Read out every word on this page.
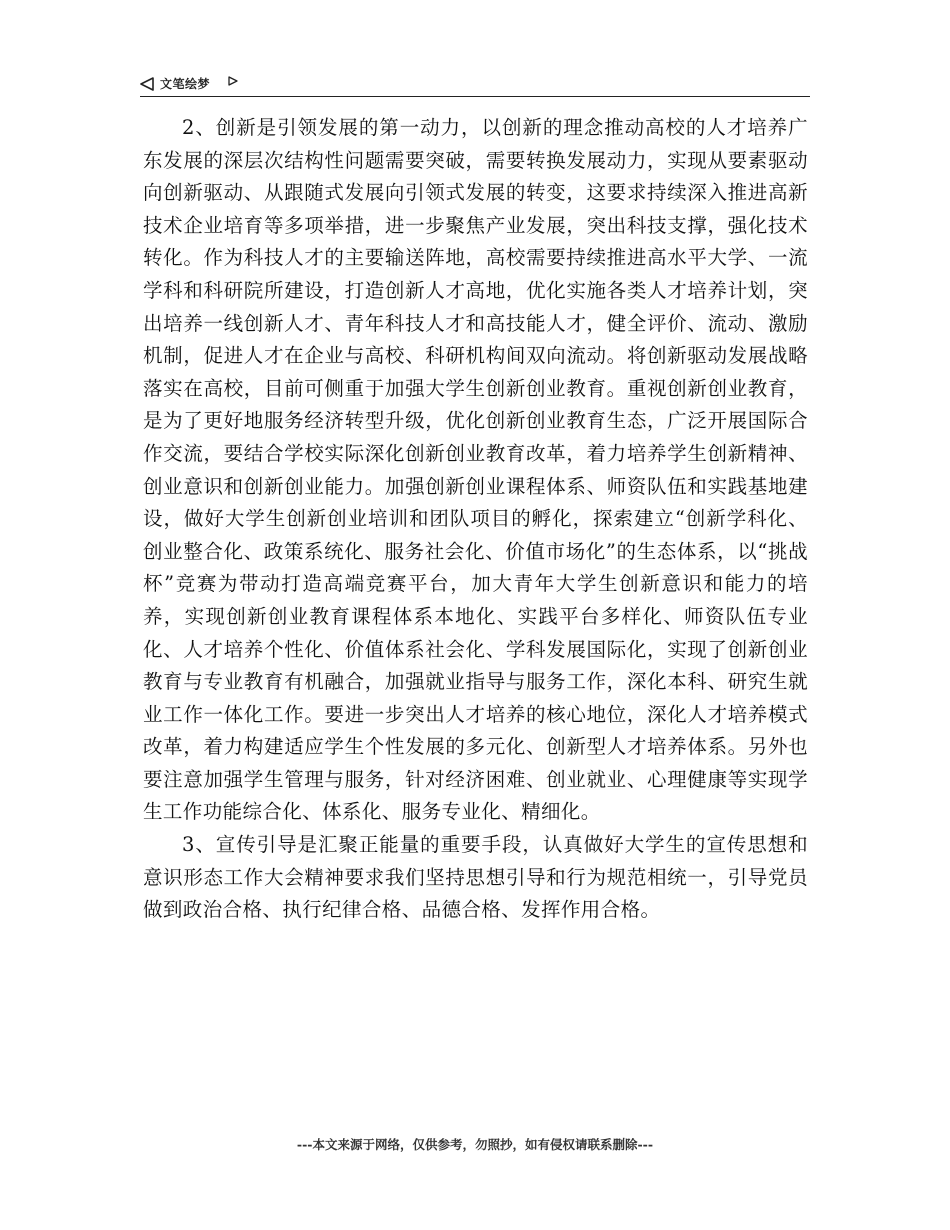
文笔绘梦

2、创新是引领发展的第一动力，以创新的理念推动高校的人才培养广东发展的深层次结构性问题需要突破，需要转换发展动力，实现从要素驱动向创新驱动、从跟随式发展向引领式发展的转变，这要求持续深入推进高新技术企业培育等多项举措，进一步聚焦产业发展，突出科技支撑，强化技术转化。作为科技人才的主要输送阵地，高校需要持续推进高水平大学、一流学科和科研院所建设，打造创新人才高地，优化实施各类人才培养计划，突出培养一线创新人才、青年科技人才和高技能人才，健全评价、流动、激励机制，促进人才在企业与高校、科研机构间双向流动。将创新驱动发展战略落实在高校，目前可侧重于加强大学生创新创业教育。重视创新创业教育，是为了更好地服务经济转型升级，优化创新创业教育生态，广泛开展国际合作交流，要结合学校实际深化创新创业教育改革，着力培养学生创新精神、创业意识和创新创业能力。加强创新创业课程体系、师资队伍和实践基地建设，做好大学生创新创业培训和团队项目的孵化，探索建立“创新学科化、创业整合化、政策系统化、服务社会化、价值市场化”的生态体系，以“挑战杯”竞赛为带动打造高端竞赛平台，加大青年大学生创新意识和能力的培养，实现创新创业教育课程体系本地化、实践平台多样化、师资队伍专业化、人才培养个性化、价值体系社会化、学科发展国际化，实现了创新创业教育与专业教育有机融合，加强就业指导与服务工作，深化本科、研究生就业工作一体化工作。要进一步突出人才培养的核心地位，深化人才培养模式改革，着力构建适应学生个性发展的多元化、创新型人才培养体系。另外也要注意加强学生管理与服务，针对经济困难、创业就业、心理健康等实现学生工作功能综合化、体系化、服务专业化、精细化。

3、宣传引导是汇聚正能量的重要手段，认真做好大学生的宣传思想和意识形态工作大会精神要求我们坚持思想引导和行为规范相统一，引导党员做到政治合格、执行纪律合格、品德合格、发挥作用合格。

---本文来源于网络，仅供参考，勿照抄，如有侵权请联系删除---
